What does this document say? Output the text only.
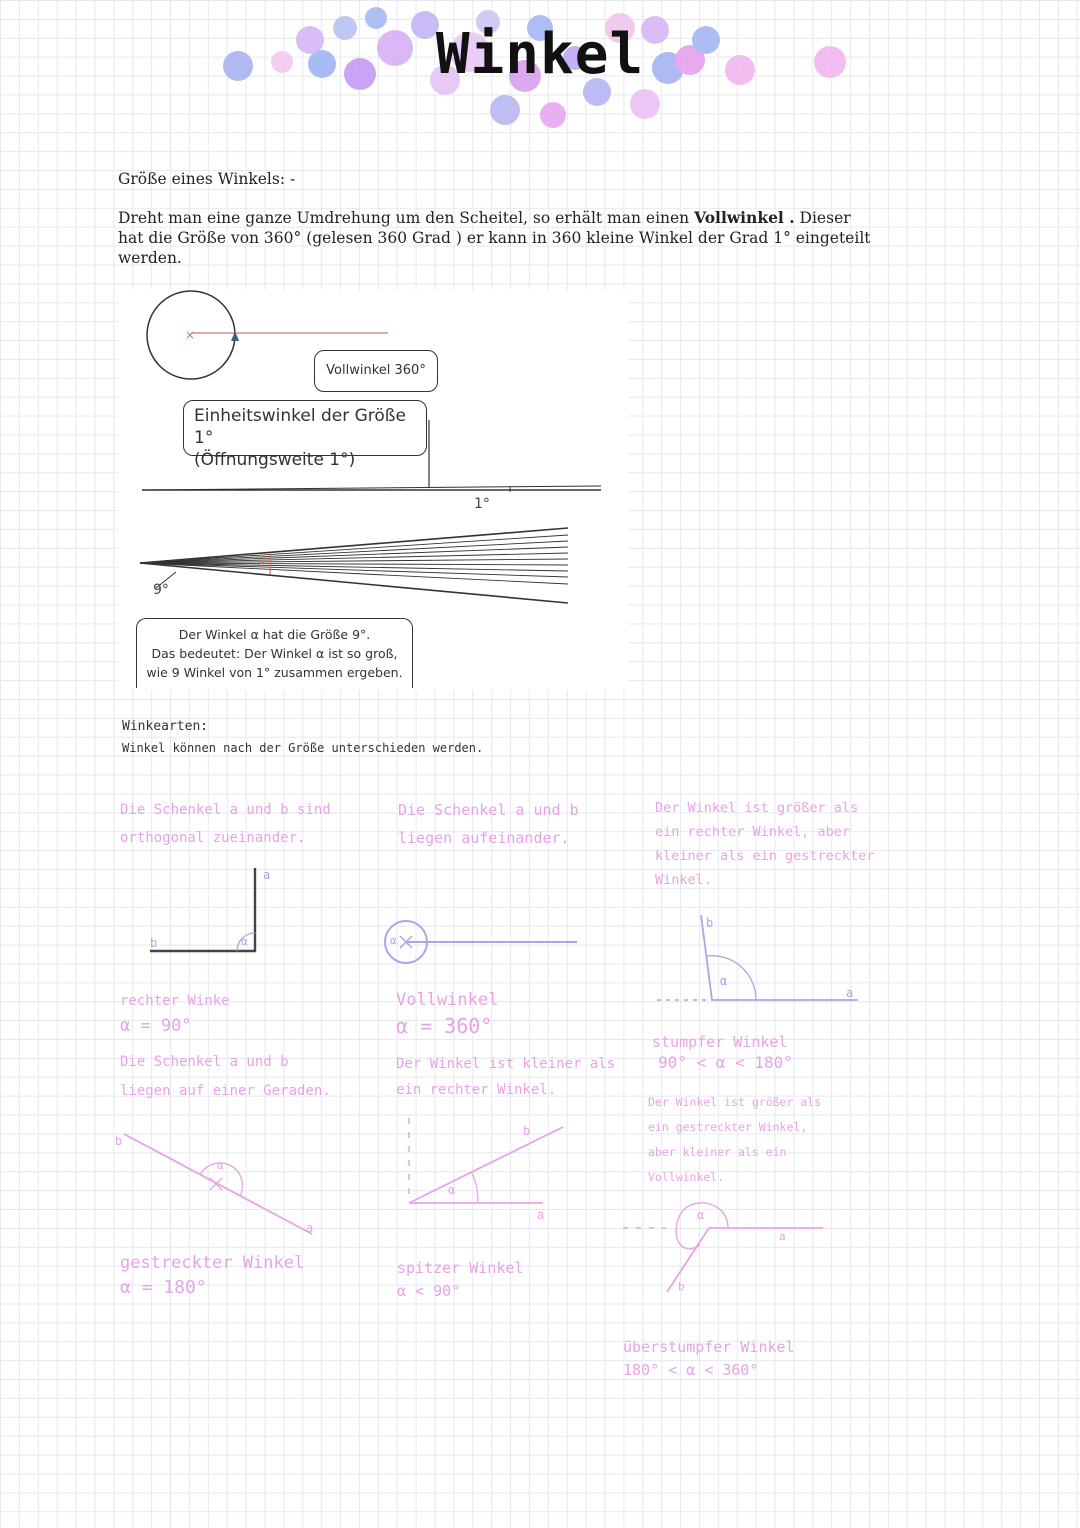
Winkel
Größe eines Winkels: -
Dreht man eine ganze Umdrehung um den Scheitel, so erhält man einen Vollwinkel . Dieser hat die Größe von 360° (gelesen 360 Grad ) er kann in 360 kleine Winkel der Grad 1° eingeteilt werden.
×
Vollwinkel 360°
Einheitswinkel der Größe 1°
(Öffnungsweite 1°)
1°
9°
α
Der Winkel α hat die Größe 9°.
Das bedeutet: Der Winkel α ist so groß,
wie 9 Winkel von 1° zusammen ergeben.
Winkearten:
Winkel können nach der Größe unterschieden werden.
Die Schenkel a und b sind
orthogonal zueinander.
Die Schenkel a und b
liegen aufeinander.
Der Winkel ist größer als
ein rechter Winkel, aber
kleiner als ein gestreckter
Winkel.
a
b	α	α
b
α
a
b
α
a
b
α
a	α
a
b
rechter Winke
α = 90°
Vollwinkel
α = 360°
stumpfer Winkel
90° < α < 180°
Die Schenkel a und b
liegen auf einer Geraden.
Der Winkel ist kleiner als
ein rechter Winkel.
Der Winkel ist größer als
ein gestreckter Winkel,
aber kleiner als ein
Vollwinkel.
gestreckter Winkel
α = 180°
spitzer Winkel
α < 90°
überstumpfer Winkel
180° < α < 360°
